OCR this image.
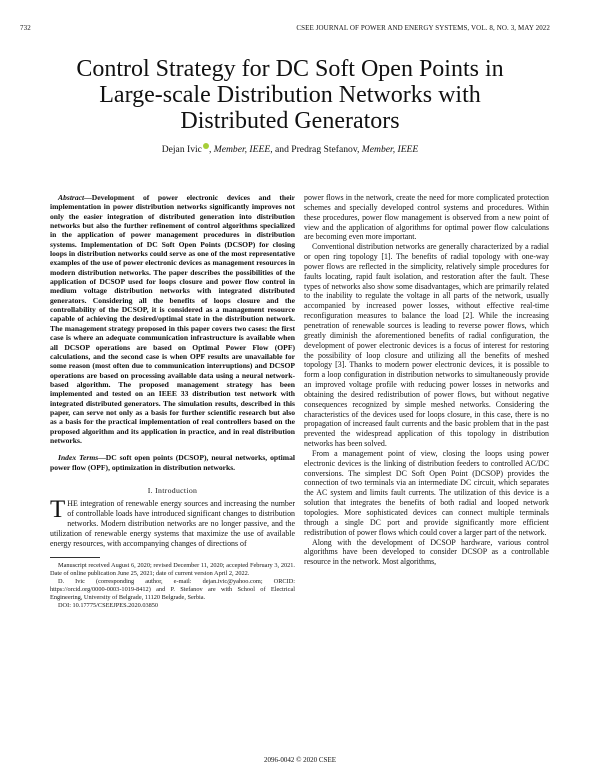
732	CSEE JOURNAL OF POWER AND ENERGY SYSTEMS, VOL. 8, NO. 3, MAY 2022
Control Strategy for DC Soft Open Points in Large-scale Distribution Networks with Distributed Generators
Dejan Ivic , Member, IEEE, and Predrag Stefanov, Member, IEEE

Abstract—Development of power electronic devices and their implementation in power distribution networks significantly improves not only the easier integration of distributed generation into distribution networks but also the further refinement of control algorithms specialized in the application of power management procedures in distribution systems. Implementation of DC Soft Open Points (DCSOP) for closing loops in distribution networks could serve as one of the most representative examples of the use of power electronic devices as management resources in modern distribution networks. The paper describes the possibilities of the application of DCSOP used for loops closure and power flow control in medium voltage distribution networks with integrated distributed generators. Considering all the benefits of loops closure and the controllability of the DCSOP, it is considered as a management resource capable of achieving the desired/optimal state in the distribution network. The management strategy proposed in this paper covers two cases: the first case is where an adequate communication infrastructure is available when all DCSOP operations are based on Optimal Power Flow (OPF) calculations, and the second case is when OPF results are unavailable for some reason (most often due to communication interruptions) and DCSOP operations are based on processing available data using a neural network-based algorithm. The proposed management strategy has been implemented and tested on an IEEE 33 distribution test network with integrated distributed generators. The simulation results, described in this paper, can serve not only as a basis for further scientific research but also as a basis for the practical implementation of real controllers based on the proposed algorithm and its application in practice, and in real distribution networks.

Index Terms—DC soft open points (DCSOP), neural networks, optimal power flow (OPF), optimization in distribution networks.

I. Introduction

THE integration of renewable energy sources and increasing the number of controllable loads have introduced significant changes to distribution networks. Modern distribution networks are no longer passive, and the utilization of renewable energy systems that maximize the use of available energy resources, with accompanying changes of directions of

Manuscript received August 6, 2020; revised December 11, 2020; accepted February 3, 2021. Date of online publication June 25, 2021; date of current version April 2, 2022.

D. Ivic (corresponding author, e-mail: dejan.ivic@yahoo.com; ORCID: https://orcid.org/0000-0003-1019-8412) and P. Stefanov are with School of Electrical Engineering, University of Belgrade, 11120 Belgrade, Serbia.

DOI: 10.17775/CSEEJPES.2020.03850

power flows in the network, create the need for more complicated protection schemes and specially developed control systems and procedures. Within these procedures, power flow management is observed from a new point of view and the application of algorithms for optimal power flow calculations are becoming even more important.

Conventional distribution networks are generally characterized by a radial or open ring topology [1]. The benefits of radial topology with one-way power flows are reflected in the simplicity, relatively simple procedures for faults locating, rapid fault isolation, and restoration after the fault. These types of networks also show some disadvantages, which are primarily related to the inability to regulate the voltage in all parts of the network, usually accompanied by increased power losses, without effective real-time reconfiguration measures to balance the load [2]. While the increasing penetration of renewable sources is leading to reverse power flows, which greatly diminish the aforementioned benefits of radial configuration, the development of power electronic devices is a focus of interest for restoring the possibility of loop closure and utilizing all the benefits of meshed topology [3]. Thanks to modern power electronic devices, it is possible to form a loop configuration in distribution networks to simultaneously provide an improved voltage profile with reducing power losses in networks and obtaining the desired redistribution of power flows, but without negative consequences recognized by simple meshed networks. Considering the characteristics of the devices used for loops closure, in this case, there is no propagation of increased fault currents and the basic problem that in the past prevented the widespread application of this topology in distribution networks has been solved.

From a management point of view, closing the loops using power electronic devices is the linking of distribution feeders to controlled AC/DC conversions. The simplest DC Soft Open Point (DCSOP) provides the connection of two terminals via an intermediate DC circuit, which separates the AC system and limits fault currents. The utilization of this device is a solution that integrates the benefits of both radial and looped network topologies. More sophisticated devices can connect multiple terminals through a single DC port and provide significantly more efficient redistribution of power flows which could cover a larger part of the network.

Along with the development of DCSOP hardware, various control algorithms have been developed to consider DCSOP as a controllable resource in the network. Most algorithms,

2096-0042 © 2020 CSEE
